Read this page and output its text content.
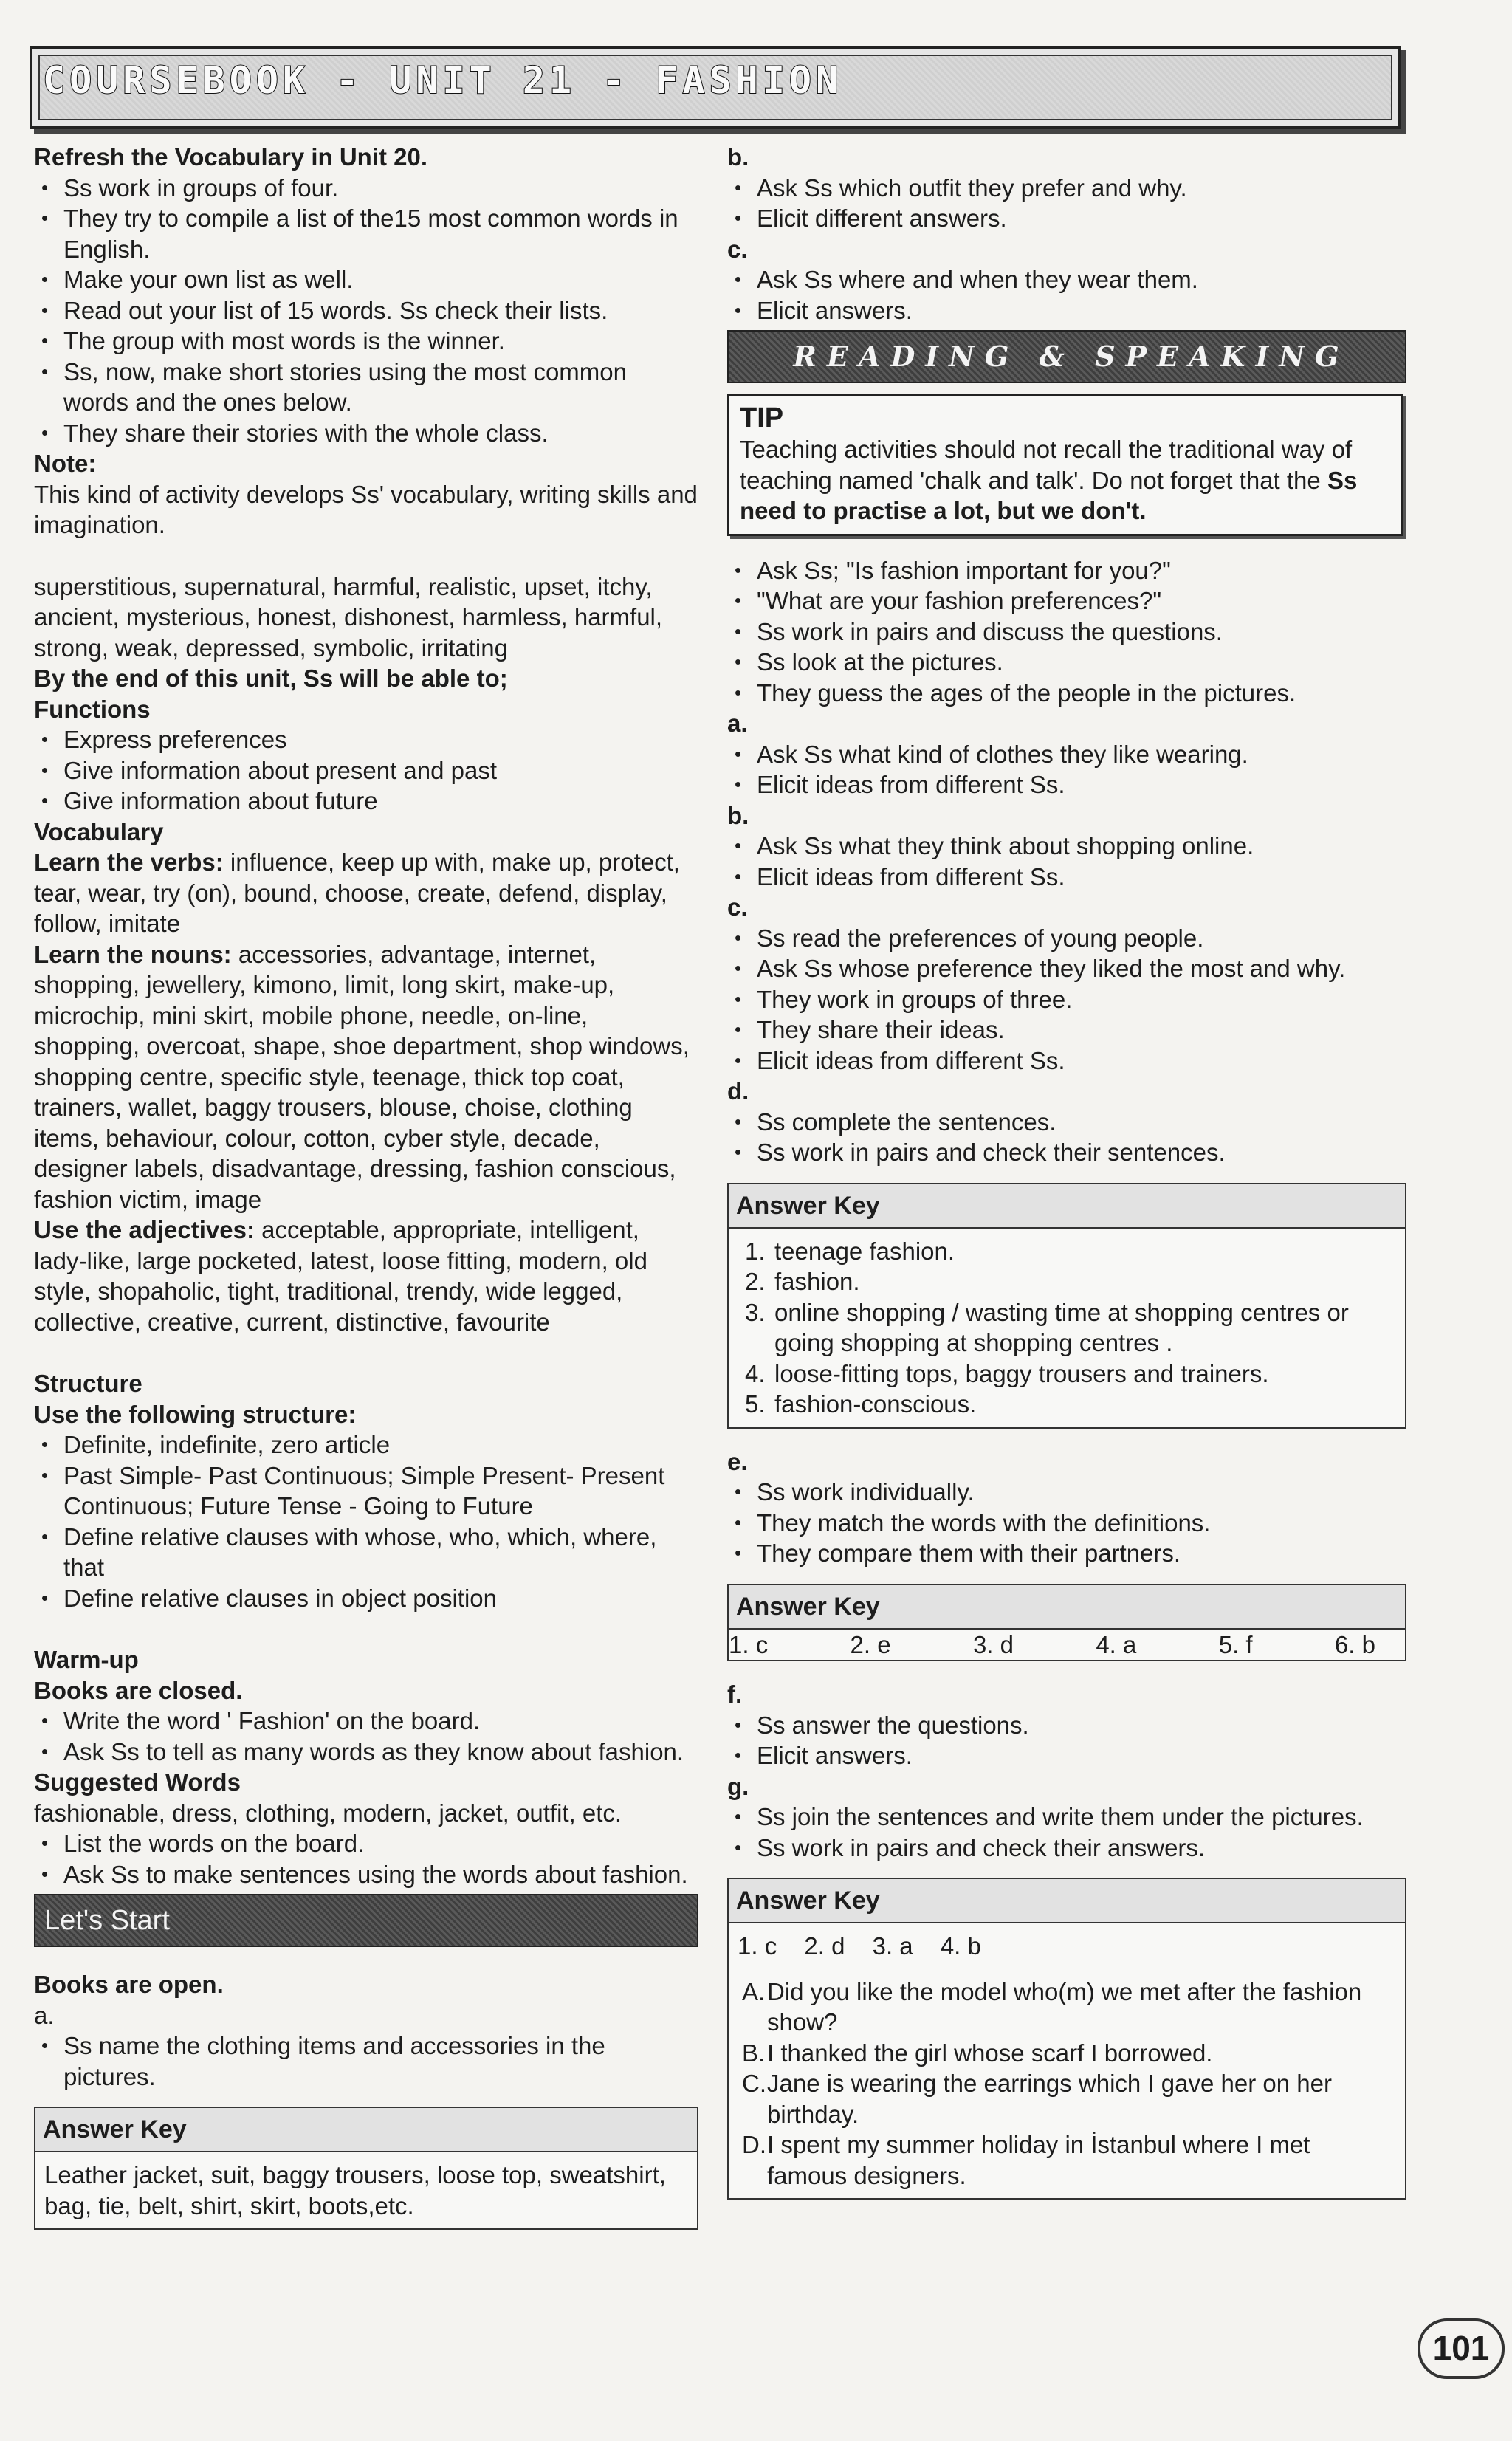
COURSEBOOK - UNIT 21 - FASHION
Refresh the Vocabulary in Unit 20.
• Ss work in groups of four.
• They try to compile a list of the15 most common words in English.
• Make your own list as well.
• Read out your list of 15 words. Ss check their lists.
• The group with most words is the winner.
• Ss, now, make short stories using the most common words and the ones below.
• They share their stories with the whole class.
Note:
This kind of activity develops Ss' vocabulary, writing skills and imagination.
superstitious, supernatural, harmful, realistic, upset, itchy, ancient, mysterious, honest, dishonest, harmless, harmful, strong, weak, depressed, symbolic, irritating
By the end of this unit, Ss will be able to;
Functions
• Express preferences
• Give information about present and past
• Give information about future
Vocabulary
Learn the verbs: influence, keep up with, make up, protect, tear, wear, try (on), bound, choose, create, defend, display, follow, imitate
Learn the nouns: accessories, advantage, internet, shopping, jewellery, kimono, limit, long skirt, make-up, microchip, mini skirt, mobile phone, needle, on-line, shopping, overcoat, shape, shoe department, shop windows, shopping centre, specific style, teenage, thick top coat, trainers, wallet, baggy trousers, blouse, choise, clothing items, behaviour, colour, cotton, cyber style, decade, designer labels, disadvantage, dressing, fashion conscious, fashion victim, image
Use the adjectives: acceptable, appropriate, intelligent, lady-like, large pocketed, latest, loose fitting, modern, old style, shopaholic, tight, traditional, trendy, wide legged, collective, creative, current, distinctive, favourite
Structure
Use the following structure:
• Definite, indefinite, zero article
• Past Simple- Past Continuous; Simple Present- Present Continuous; Future Tense - Going to Future
• Define relative clauses with whose, who, which, where, that
• Define relative clauses in object position
Warm-up
Books are closed.
• Write the word ' Fashion' on the board.
• Ask Ss to tell as many words as they know about fashion.
Suggested Words
fashionable, dress, clothing, modern, jacket, outfit, etc.
• List the words on the board.
• Ask Ss to make sentences using the words about fashion.
Let's Start
Books are open.
a.
• Ss name the clothing items and accessories in the pictures.
Answer Key
Leather jacket, suit, baggy trousers, loose top, sweatshirt, bag, tie, belt, shirt, skirt, boots,etc.
b.
• Ask Ss which outfit they prefer and why.
• Elicit different answers.
c.
• Ask Ss where and when they wear them.
• Elicit answers.
READING & SPEAKING
TIP
Teaching activities should not recall the traditional way of teaching named 'chalk and talk'. Do not forget that the Ss need to practise a lot, but we don't.
• Ask Ss; "Is fashion important for you?"
• "What are your fashion preferences?"
• Ss work in pairs and discuss the questions.
• Ss look at the pictures.
• They guess the ages of the people in the pictures.
a.
• Ask Ss what kind of clothes they like wearing.
• Elicit ideas from different Ss.
b.
• Ask Ss what they think about shopping online.
• Elicit ideas from different Ss.
c.
• Ss read the preferences of young people.
• Ask Ss whose preference they liked the most and why.
• They work in groups of three.
• They share their ideas.
• Elicit ideas from different Ss.
d.
• Ss complete the sentences.
• Ss work in pairs and check their sentences.
Answer Key
1. teenage fashion.
2. fashion.
3. online shopping / wasting time at shopping centres or going shopping at shopping centres .
4. loose-fitting tops, baggy trousers and trainers.
5. fashion-conscious.
e.
• Ss work individually.
• They match the words with the definitions.
• They compare them with their partners.
Answer Key
1. c	2. e	3. d	4. a	5. f	6. b
f.
• Ss answer the questions.
• Elicit answers.
g.
• Ss join the sentences and write them under the pictures.
• Ss work in pairs and check their answers.
Answer Key
1. c 2. d 3. a 4. b
A. Did you like the model who(m) we met after the fashion show?
B. I thanked the girl whose scarf I borrowed.
C. Jane is wearing the earrings which I gave her on her birthday.
D. I spent my summer holiday in İstanbul where I met famous designers.
101
